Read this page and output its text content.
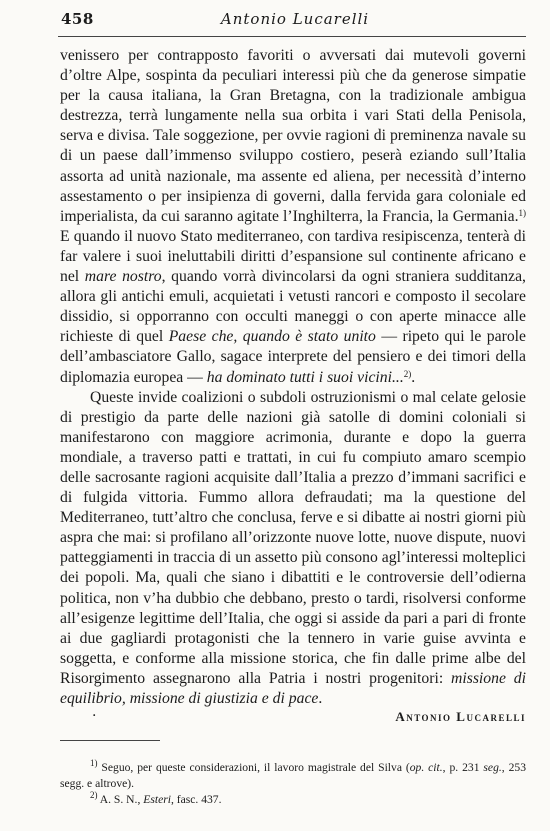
458	Antonio Lucarelli

venissero per contrapposto favoriti o avversati dai mutevoli governi d’oltre Alpe, sospinta da peculiari interessi più che da generose simpatie per la causa italiana, la Gran Bretagna, con la tradizionale ambigua destrezza, terrà lungamente nella sua orbita i vari Stati della Penisola, serva e divisa. Tale soggezione, per ovvie ragioni di preminenza navale su di un paese dall’immenso sviluppo costiero, peserà eziando sull’Italia assorta ad unità nazionale, ma assente ed aliena, per necessità d’interno assestamento o per insipienza di governi, dalla fervida gara coloniale ed imperialista, da cui saranno agitate l’Inghilterra, la Francia, la Germania.$^{1)}$ E quando il nuovo Stato mediterraneo, con tardiva resipiscenza, tenterà di far valere i suoi ineluttabili diritti d’espansione sul continente africano e nel mare nostro, quando vorrà divincolarsi da ogni straniera sudditanza, allora gli antichi emuli, acquietati i vetusti rancori e composto il secolare dissidio, si opporranno con occulti maneggi o con aperte minacce alle richieste di quel Paese che, quando è stato unito — ripeto qui le parole dell’ambasciatore Gallo, sagace interprete del pensiero e dei timori della diplomazia europea — ha dominato tutti i suoi vicini...$^{2)}$.

Queste invide coalizioni o subdoli ostruzionismi o mal celate gelosie di prestigio da parte delle nazioni già satolle di domini coloniali si manifestarono con maggiore acrimonia, durante e dopo la guerra mondiale, a traverso patti e trattati, in cui fu compiuto amaro scempio delle sacrosante ragioni acquisite dall’Italia a prezzo d’immani sacrifici e di fulgida vittoria. Fummo allora defraudati; ma la questione del Mediterraneo, tutt’altro che conclusa, ferve e si dibatte ai nostri giorni più aspra che mai: si profilano all’orizzonte nuove lotte, nuove dispute, nuovi patteggiamenti in traccia di un assetto più consono agl’interessi molteplici dei popoli. Ma, quali che siano i dibattiti e le controversie dell’odierna politica, non v’ha dubbio che debbano, presto o tardi, risolversi conforme all’esigenze legittime dell’Italia, che oggi si asside da pari a pari di fronte ai due gagliardi protagonisti che la tennero in varie guise avvinta e soggetta, e conforme alla missione storica, che fin dalle prime albe del Risorgimento assegnarono alla Patria i nostri progenitori: missione di equilibrio, missione di giustizia e di pace.

·	Antonio Lucarelli

$^{1)}$ Seguo, per queste considerazioni, il lavoro magistrale del Silva (op. cit., p. 231 seg., 253 segg. e altrove).

$^{2)}$ A. S. N., Esteri, fasc. 437.
